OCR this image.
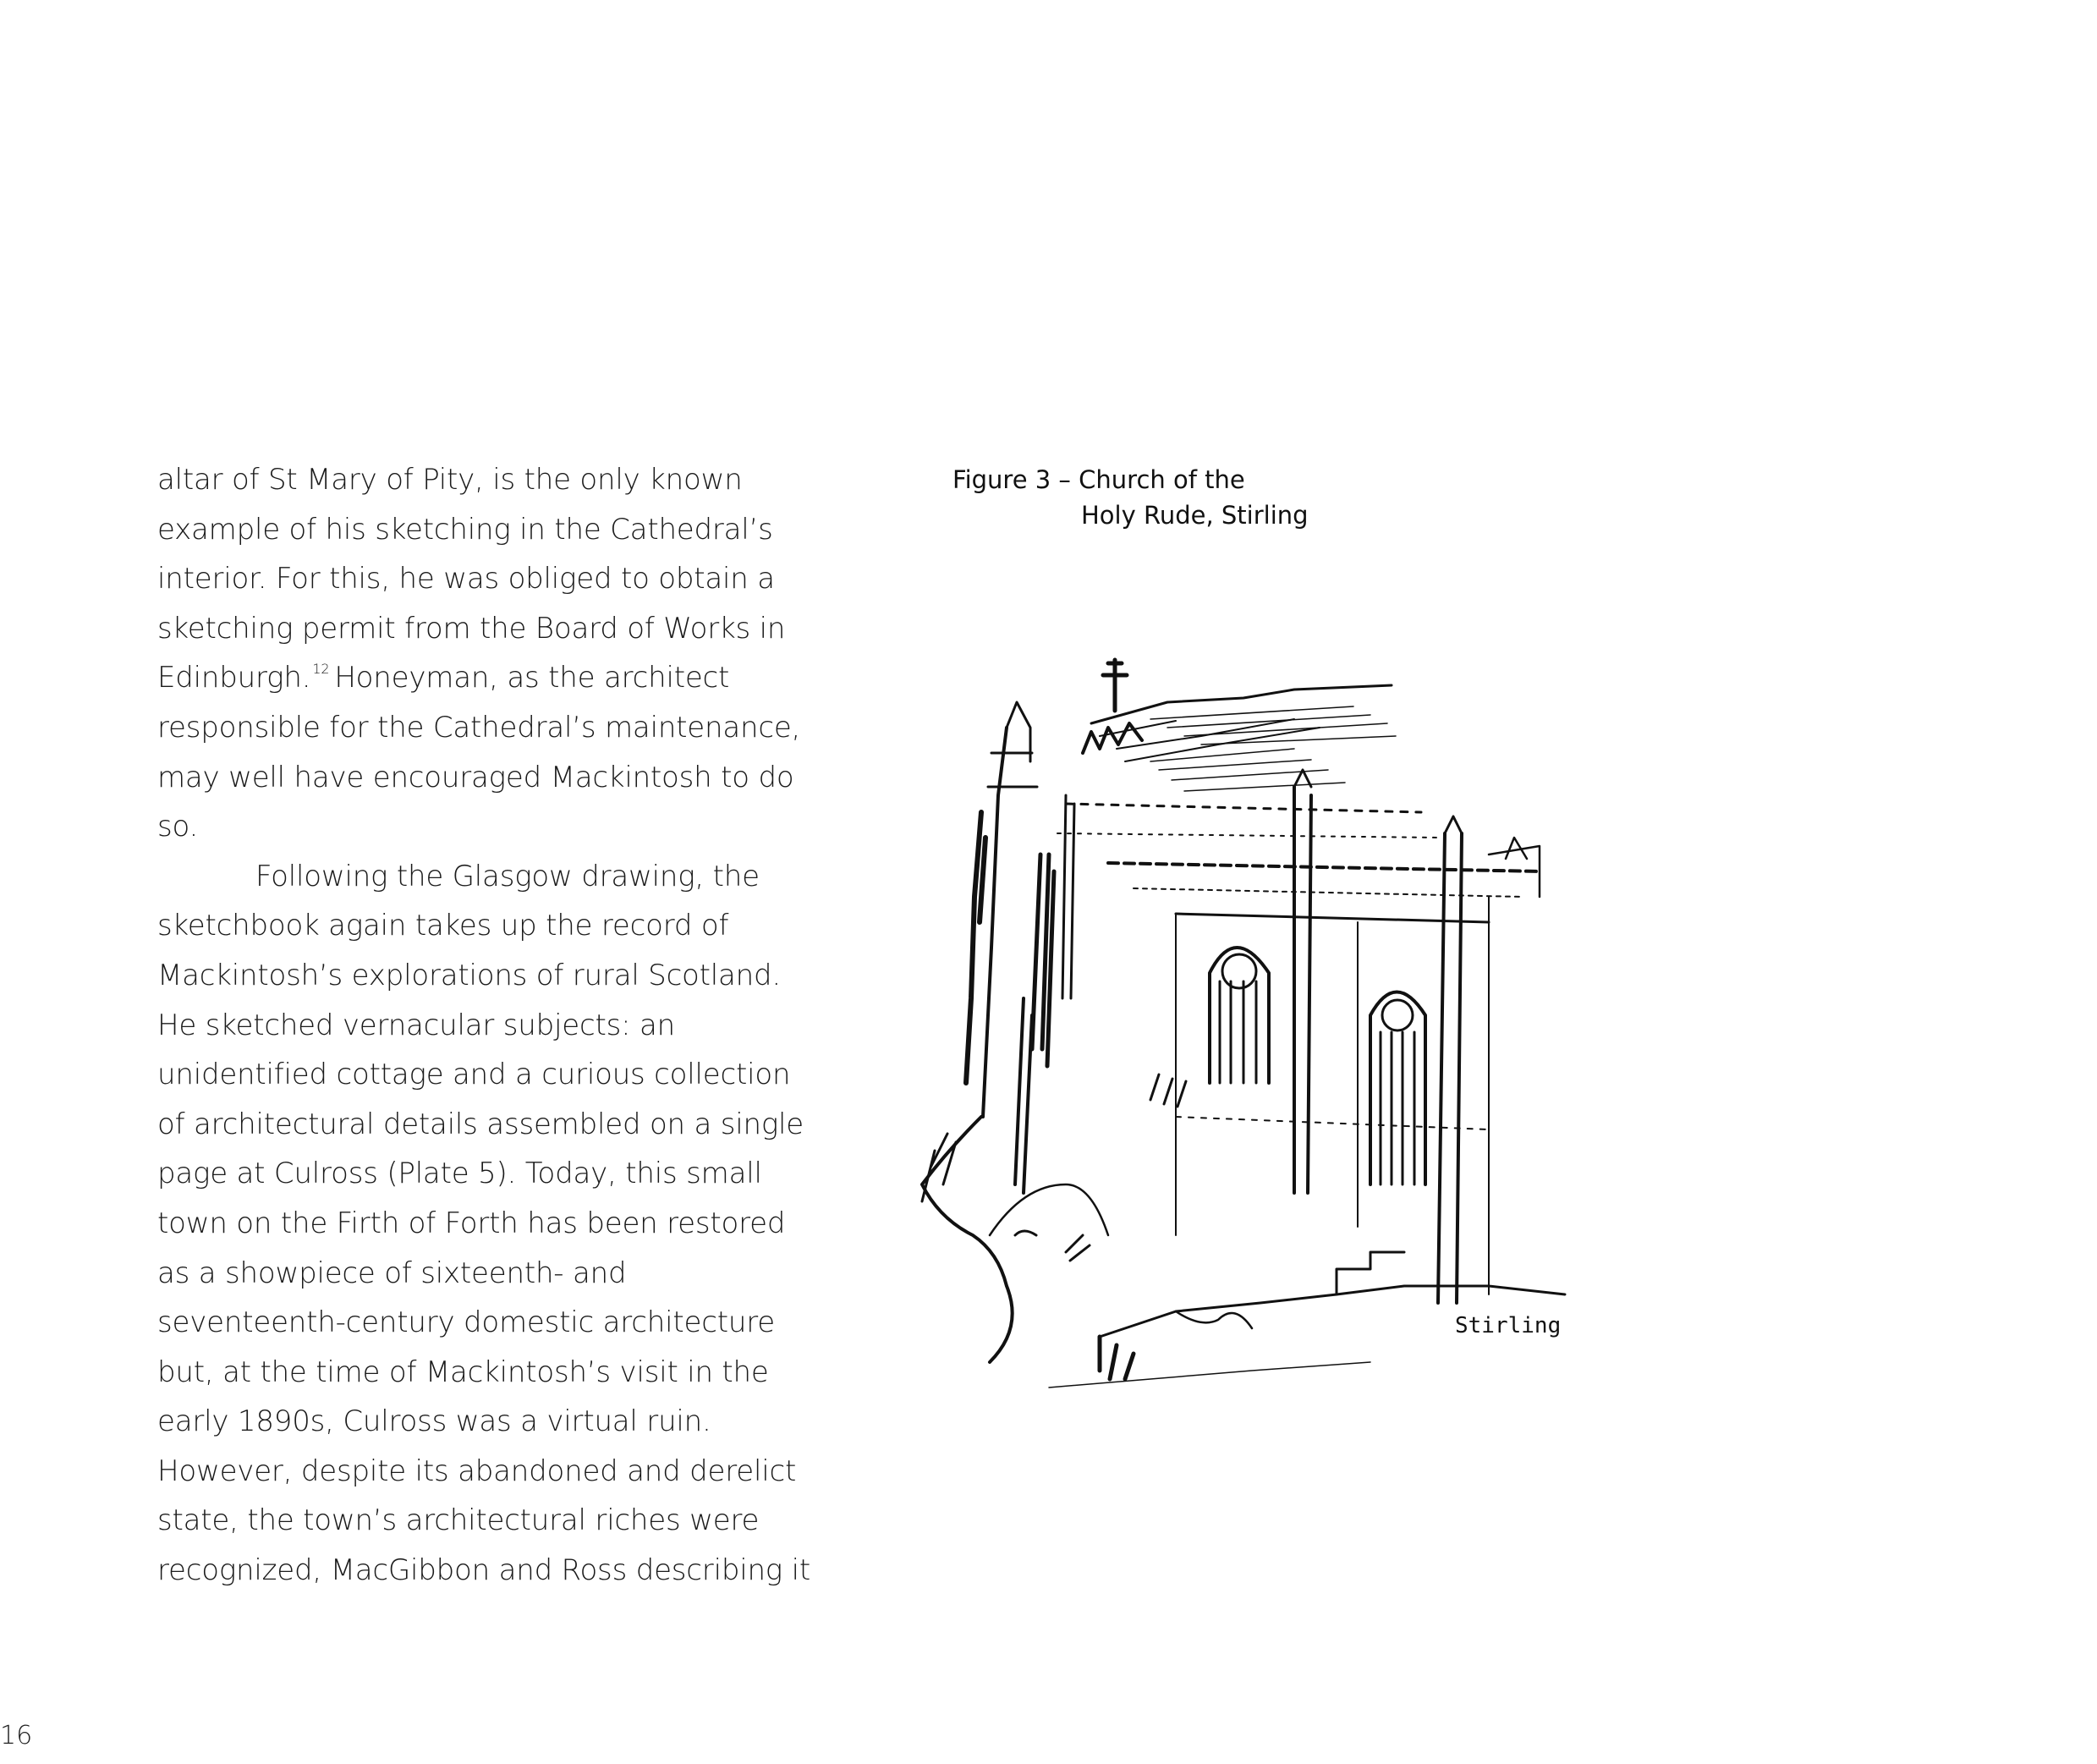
altar of St Mary of Pity, is the only known
example of his sketching in the Cathedral’s
interior. For this, he was obliged to obtain a
sketching permit from the Board of Works in
Edinburgh. $^{12}$ Honeyman, as the architect
responsible for the Cathedral’s maintenance,
may well have encouraged Mackintosh to do
so.
Following the Glasgow drawing, the
sketchbook again takes up the record of
Mackintosh’s explorations of rural Scotland.
He sketched vernacular subjects: an
unidentified cottage and a curious collection
of architectural details assembled on a single
page at Culross (Plate 5). Today, this small
town on the Firth of Forth has been restored
as a showpiece of sixteenth- and
seventeenth-century domestic architecture
but, at the time of Mackintosh’s visit in the
early 1890s, Culross was a virtual ruin.
However, despite its abandoned and derelict
state, the town’s architectural riches were
recognized, MacGibbon and Ross describing it
Figure 3 – Church of the
Holy Rude, Stirling
Stirling
16
